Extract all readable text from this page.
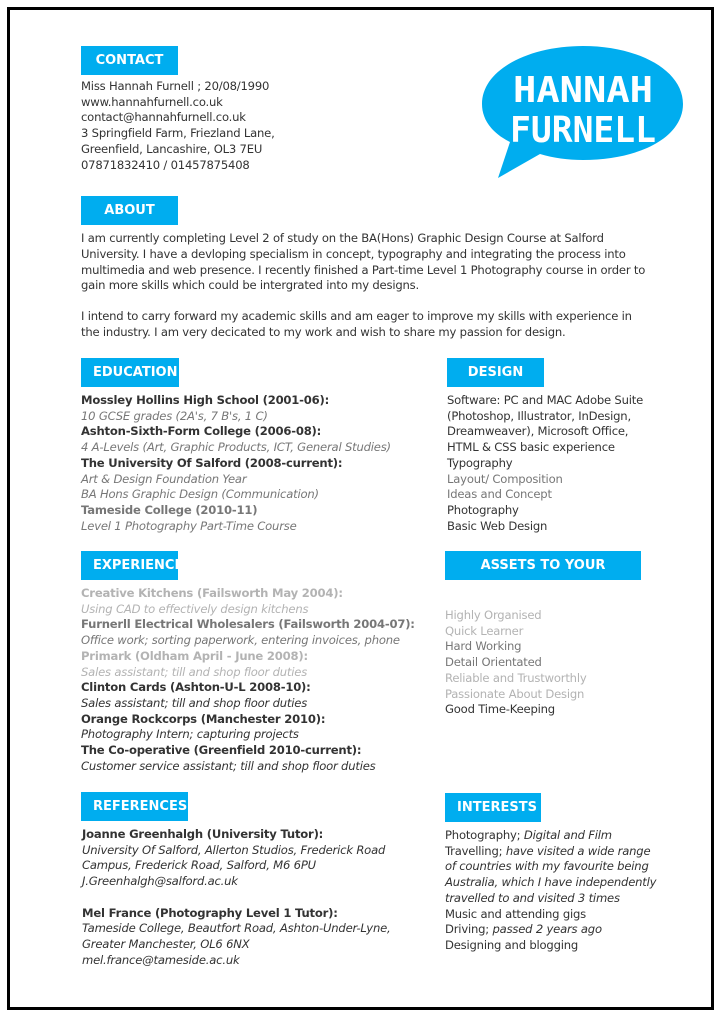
HANNAH
FURNELL
CONTACT
Miss Hannah Furnell ; 20/08/1990
www.hannahfurnell.co.uk
contact@hannahfurnell.co.uk
3 Springfield Farm, Friezland Lane,
Greenfield, Lancashire, OL3 7EU
07871832410 / 01457875408
ABOUT
I am currently completing Level 2 of study on the BA(Hons) Graphic Design Course at Salford University. I have a devloping specialism in concept, typography and integrating the process into multimedia and web presence. I recently finished a Part-time Level 1 Photography course in order to gain more skills which could be intergrated into my designs.
I intend to carry forward my academic skills and am eager to improve my skills with experience in the industry. I am very decicated to my work and wish to share my passion for design.
EDUCATION
Mossley Hollins High School (2001-06):
10 GCSE grades (2A's, 7 B's, 1 C)
Ashton-Sixth-Form College (2006-08):
4 A-Levels (Art, Graphic Products, ICT, General Studies)
The University Of Salford (2008-current):
Art & Design Foundation Year
BA Hons Graphic Design (Communication)
Tameside College (2010-11)
Level 1 Photography Part-Time Course
DESIGN
Software: PC and MAC Adobe Suite
(Photoshop, Illustrator, InDesign,
Dreamweaver), Microsoft Office,
HTML & CSS basic experience
Typography
Layout/ Composition
Ideas and Concept
Photography
Basic Web Design
EXPERIENCE
Creative Kitchens (Failsworth May 2004):
Using CAD to effectively design kitchens
Furnerll Electrical Wholesalers (Failsworth 2004-07):
Office work; sorting paperwork, entering invoices, phone
Primark (Oldham April - June 2008):
Sales assistant; till and shop floor duties
Clinton Cards (Ashton-U-L 2008-10):
Sales assistant; till and shop floor duties
Orange Rockcorps (Manchester 2010):
Photography Intern; capturing projects
The Co-operative (Greenfield 2010-current):
Customer service assistant; till and shop floor duties
ASSETS TO YOUR COMPANY
Highly Organised
Quick Learner
Hard Working
Detail Orientated
Reliable and Trustworthly
Passionate About Design
Good Time-Keeping
REFERENCES
Joanne Greenhalgh (University Tutor):
University Of Salford, Allerton Studios, Frederick Road
Campus, Frederick Road, Salford, M6 6PU
J.Greenhalgh@salford.ac.uk
Mel France (Photography Level 1 Tutor):
Tameside College, Beautfort Road, Ashton-Under-Lyne,
Greater Manchester, OL6 6NX
mel.france@tameside.ac.uk
INTERESTS
Photography; Digital and Film
Travelling; have visited a wide range
of countries with my favourite being
Australia, which I have independently
travelled to and visited 3 times
Music and attending gigs
Driving; passed 2 years ago
Designing and blogging
